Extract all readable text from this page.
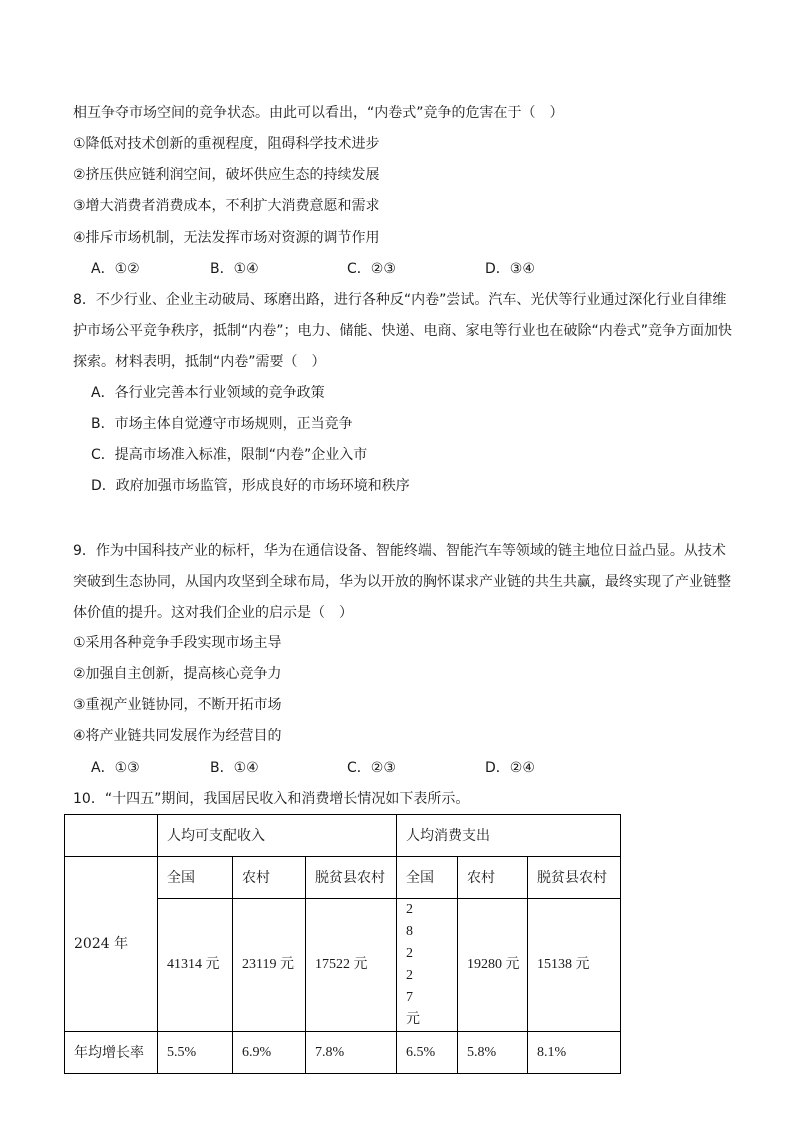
相互争夺市场空间的竞争状态。由此可以看出，“内卷式”竞争的危害在于（　）
①降低对技术创新的重视程度，阻碍科学技术进步
②挤压供应链利润空间，破坏供应生态的持续发展
③增大消费者消费成本，不利扩大消费意愿和需求
④排斥市场机制，无法发挥市场对资源的调节作用
A．①②	B．①④	C．②③	D．③④
8．不少行业、企业主动破局、琢磨出路，进行各种反“内卷”尝试。汽车、光伏等行业通过深化行业自律维护市场公平竞争秩序，抵制“内卷”；电力、储能、快递、电商、家电等行业也在破除“内卷式”竞争方面加快探索。材料表明，抵制“内卷”需要（　）
A．各行业完善本行业领域的竞争政策
B．市场主体自觉遵守市场规则，正当竞争
C．提高市场准入标准，限制“内卷”企业入市
D．政府加强市场监管，形成良好的市场环境和秩序
9．作为中国科技产业的标杆，华为在通信设备、智能终端、智能汽车等领域的链主地位日益凸显。从技术突破到生态协同，从国内攻坚到全球布局，华为以开放的胸怀谋求产业链的共生共赢，最终实现了产业链整体价值的提升。这对我们企业的启示是（　）
①采用各种竞争手段实现市场主导
②加强自主创新，提高核心竞争力
③重视产业链协同，不断开拓市场
④将产业链共同发展作为经营目的
A．①③	B．①④	C．②③	D．②④
10．“十四五”期间，我国居民收入和消费增长情况如下表所示。
	人均可支配收入			人均消费支出		
2024 年	全国	农村	脱贫县农村	全国	农村	脱贫县农村
	41314 元	23119 元	17522 元	28227 元	19280 元	15138 元
年均增长率	5.5%	6.9%	7.8%	6.5%	5.8%	8.1%
